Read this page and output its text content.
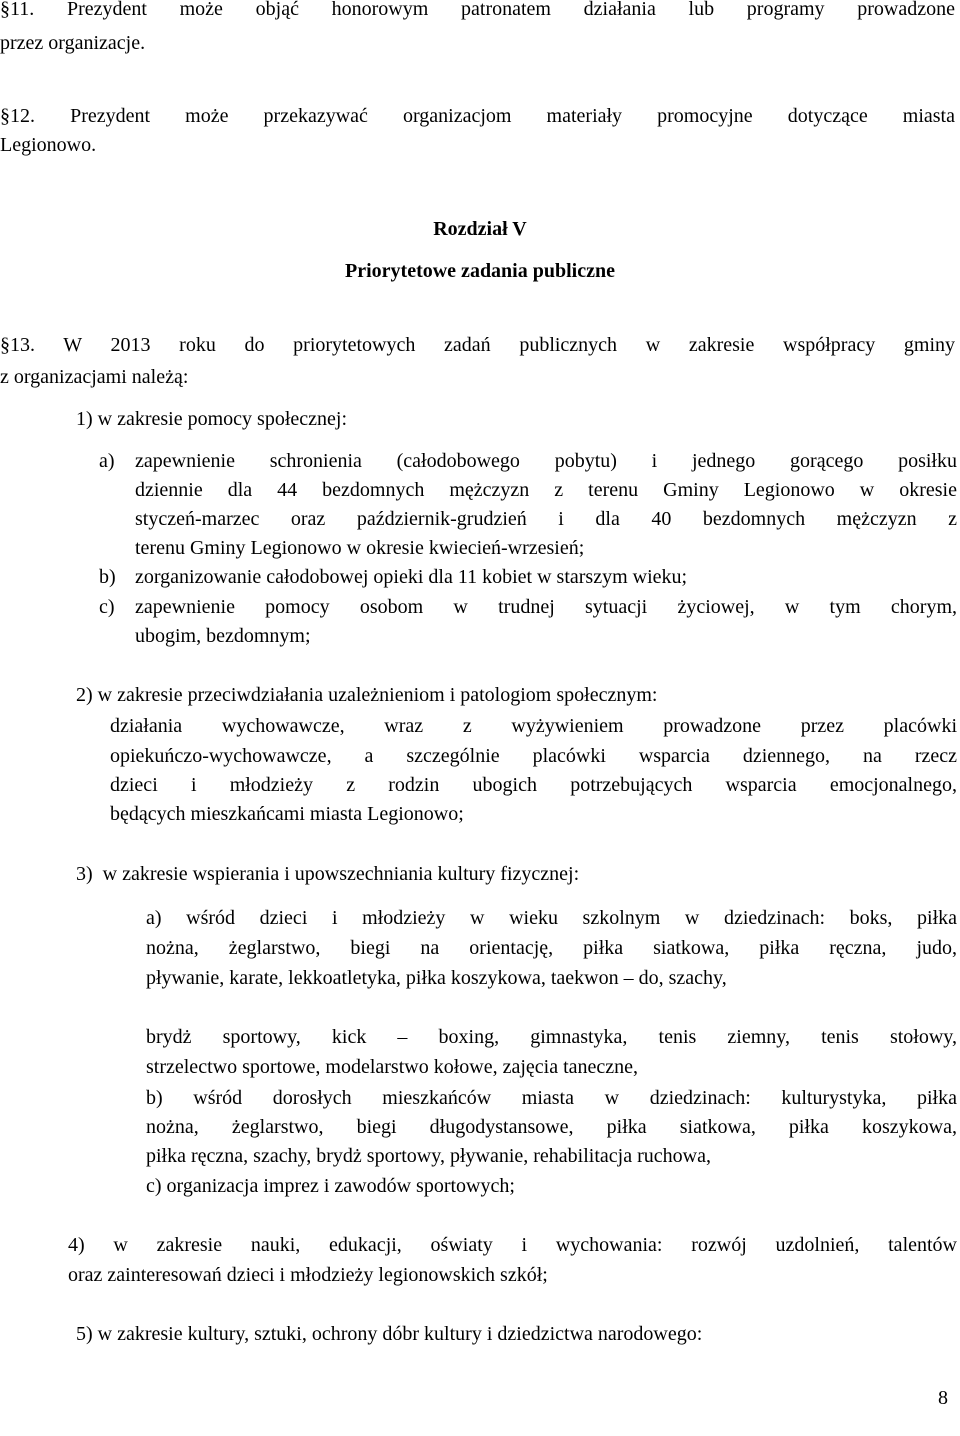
§11. Prezydent może objąć honorowym patronatem działania lub programy prowadzone
przez organizacje.
§12. Prezydent może przekazywać organizacjom materiały promocyjne dotyczące miasta
Legionowo.
Rozdział V
Priorytetowe zadania publiczne
§13. W 2013 roku do priorytetowych zadań publicznych w zakresie współpracy gminy
z organizacjami należą:
1) w zakresie pomocy społecznej:
a) zapewnienie schronienia (całodobowego pobytu) i jednego gorącego posiłku
dziennie dla 44 bezdomnych mężczyzn z terenu Gminy Legionowo w okresie
styczeń-marzec oraz październik-grudzień i dla 40 bezdomnych mężczyzn z
terenu Gminy Legionowo w okresie kwiecień-wrzesień;
b) zorganizowanie całodobowej opieki dla 11 kobiet w starszym wieku;
c) zapewnienie pomocy osobom w trudnej sytuacji życiowej, w tym chorym,
ubogim, bezdomnym;
2) w zakresie przeciwdziałania uzależnieniom i patologiom społecznym:
działania wychowawcze, wraz z wyżywieniem prowadzone przez placówki
opiekuńczo-wychowawcze, a szczególnie placówki wsparcia dziennego, na rzecz
dzieci i młodzieży z rodzin ubogich potrzebujących wsparcia emocjonalnego,
będących mieszkańcami miasta Legionowo;
3)  w zakresie wspierania i upowszechniania kultury fizycznej:
a) wśród dzieci i młodzieży w wieku szkolnym w dziedzinach: boks, piłka
nożna, żeglarstwo, biegi na orientację, piłka siatkowa, piłka ręczna, judo,
pływanie, karate, lekkoatletyka, piłka koszykowa, taekwon – do, szachy,
brydż sportowy, kick – boxing, gimnastyka, tenis ziemny, tenis stołowy,
strzelectwo sportowe, modelarstwo kołowe, zajęcia taneczne,
b) wśród dorosłych mieszkańców miasta w dziedzinach: kulturystyka, piłka
nożna, żeglarstwo, biegi długodystansowe, piłka siatkowa, piłka koszykowa,
piłka ręczna, szachy, brydż sportowy, pływanie, rehabilitacja ruchowa,
c) organizacja imprez i zawodów sportowych;
4) w zakresie nauki, edukacji, oświaty i wychowania: rozwój uzdolnień, talentów
oraz zainteresowań dzieci i młodzieży legionowskich szkół;
5) w zakresie kultury, sztuki, ochrony dóbr kultury i dziedzictwa narodowego:
8
